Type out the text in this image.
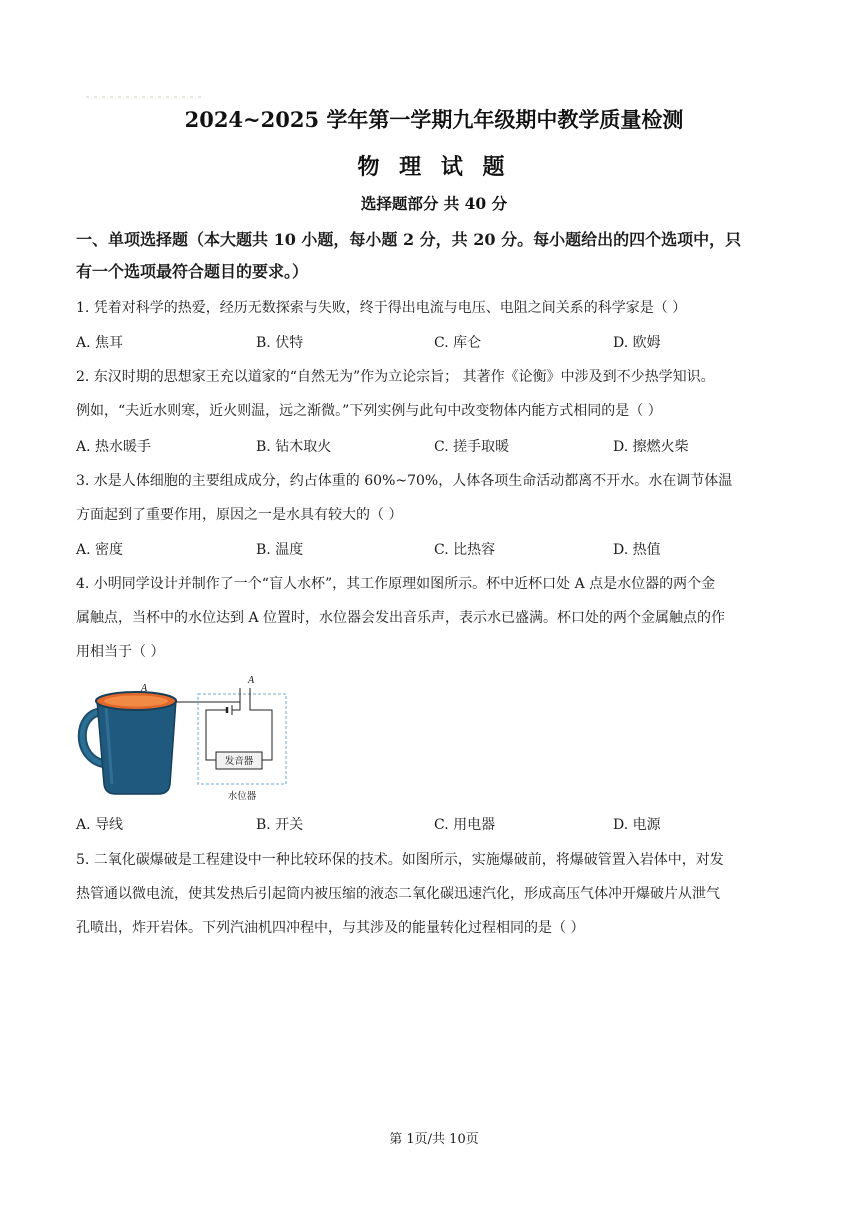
2024~2025 学年第一学期九年级期中教学质量检测
物 理 试 题
选择题部分 共 40 分
一、单项选择题（本大题共 10 小题，每小题 2 分，共 20 分。每小题给出的四个选项中，只
有一个选项最符合题目的要求。）
1. 凭着对科学的热爱，经历无数探索与失败，终于得出电流与电压、电阻之间关系的科学家是（ ）
A. 焦耳	B. 伏特	C. 库仑	D. 欧姆
2. 东汉时期的思想家王充以道家的“自然无为”作为立论宗旨； 其著作《论衡》中涉及到不少热学知识。
例如，“夫近水则寒，近火则温，远之渐微。”下列实例与此句中改变物体内能方式相同的是（ ）
A. 热水暖手	B. 钻木取火	C. 搓手取暖	D. 擦燃火柴
3. 水是人体细胞的主要组成成分，约占体重的 60%~70%，人体各项生命活动都离不开水。水在调节体温
方面起到了重要作用，原因之一是水具有较大的（ ）
A. 密度	B. 温度	C. 比热容	D. 热值
4. 小明同学设计并制作了一个“盲人水杯”，其工作原理如图所示。杯中近杯口处 A 点是水位器的两个金
属触点，当杯中的水位达到 A 位置时，水位器会发出音乐声，表示水已盛满。杯口处的两个金属触点的作
用相当于（ ）
A
A
发音器
水位器
A. 导线	B. 开关	C. 用电器	D. 电源
5. 二氧化碳爆破是工程建设中一种比较环保的技术。如图所示，实施爆破前，将爆破管置入岩体中，对发
热管通以微电流，使其发热后引起筒内被压缩的液态二氧化碳迅速汽化，形成高压气体冲开爆破片从泄气
孔喷出，炸开岩体。下列汽油机四冲程中，与其涉及的能量转化过程相同的是（ ）
第 1页/共 10页
